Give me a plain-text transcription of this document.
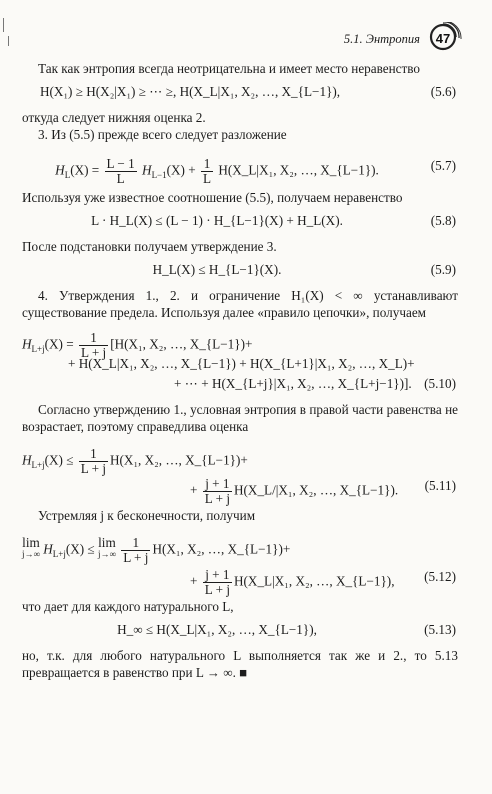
5.1. Энтропия 47

Так как энтропия всегда неотрицательна и имеет место неравенство

H(X₁) ≥ H(X₂|X₁) ≥ ⋯ ≥, H(X_L|X₁, X₂, …, X_{L−1}),	(5.6)

откуда следует нижняя оценка 2.

3. Из (5.5) прежде всего следует разложение

$H_L(X) = \frac{L - 1}{L} H_{L-1}(X) + \frac{1}{L}$ H(X_L|X₁, X₂, …, X_{L−1}).	(5.7)

Используя уже известное соотношение (5.5), получаем неравенство

L · H_L(X) ≤ (L − 1) · H_{L−1}(X) + H_L(X).	(5.8)

После подстановки получаем утверждение 3.

H_L(X) ≤ H_{L−1}(X).	(5.9)

4. Утверждения 1., 2. и ограничение H₁(X) < ∞ устанавливают существование предела. Используя далее «правило цепочки», получаем

$H_{L+j}(X) = \frac{1}{L + j} [H(X_1$, X₂, …, X_{L−1})+
+ H(X_L|X₁, X₂, …, X_{L−1}) + H(X_{L+1}|X₁, X₂, …, X_L)+
+ ⋯ + H(X_{L+j}|X₁, X₂, …, X_{L+j−1})]. (5.10)

Согласно утверждению 1., условная энтропия в правой части равенства не возрастает, поэтому справедлива оценка

$H_{L+j}(X) \le \frac{1}{L + j} H(X_1$, X₂, …, X_{L−1})+
+ $\frac{j + 1}{L + j}$ H(X_L/|X₁, X₂, …, X_{L−1}). (5.11)

Устремляя j к бесконечности, получим

lim
j→∞ $H_{L+j}(X) \le \lim$
j→∞
$\frac{1}{L + j} H(X_1$, X₂, …, X_{L−1})+
+ $\frac{j + 1}{L + j}$ H(X_L|X₁, X₂, …, X_{L−1}), (5.12)

что дает для каждого натурального L,

H_∞ ≤ H(X_L|X₁, X₂, …, X_{L−1}),	(5.13)

но, т.к. для любого натурального L выполняется так же и 2., то 5.13 превращается в равенство при L → ∞. ■
